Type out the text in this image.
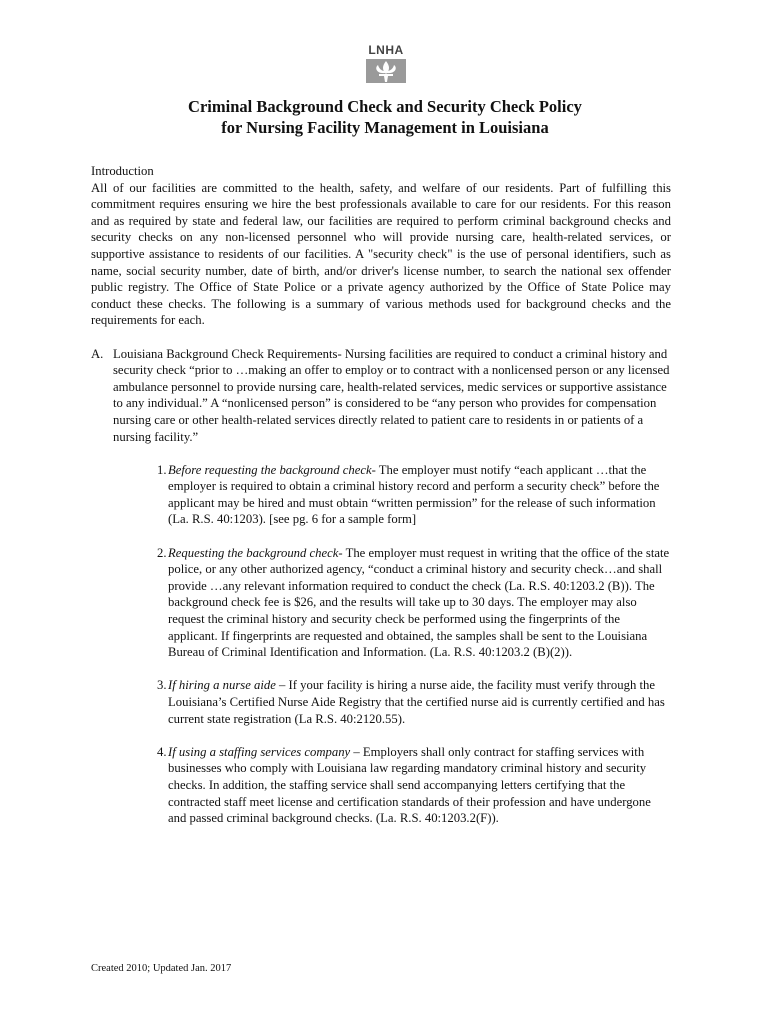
LNHA
Criminal Background Check and Security Check Policy
for Nursing Facility Management in Louisiana

Introduction

All of our facilities are committed to the health, safety, and welfare of our residents. Part of fulfilling this commitment requires ensuring we hire the best professionals available to care for our residents. For this reason and as required by state and federal law, our facilities are required to perform criminal background checks and security checks on any non-licensed personnel who will provide nursing care, health-related services, or supportive assistance to residents of our facilities. A "security check" is the use of personal identifiers, such as name, social security number, date of birth, and/or driver's license number, to search the national sex offender public registry. The Office of State Police or a private agency authorized by the Office of State Police may conduct these checks. The following is a summary of various methods used for background checks and the requirements for each.

A. Louisiana Background Check Requirements- Nursing facilities are required to conduct a criminal history and security check “prior to …making an offer to employ or to contract with a nonlicensed person or any licensed ambulance personnel to provide nursing care, health-related services, medic services or supportive assistance to any individual.” A “nonlicensed person” is considered to be “any person who provides for compensation nursing care or other health-related services directly related to patient care to residents in or patients of a nursing facility.”

1. Before requesting the background check- The employer must notify “each applicant …that the employer is required to obtain a criminal history record and perform a security check” before the applicant may be hired and must obtain “written permission” for the release of such information (La. R.S. 40:1203). [see pg. 6 for a sample form]

2. Requesting the background check- The employer must request in writing that the office of the state police, or any other authorized agency, “conduct a criminal history and security check…and shall provide …any relevant information required to conduct the check (La. R.S. 40:1203.2 (B)). The background check fee is $26, and the results will take up to 30 days. The employer may also request the criminal history and security check be performed using the fingerprints of the applicant. If fingerprints are requested and obtained, the samples shall be sent to the Louisiana Bureau of Criminal Identification and Information. (La. R.S. 40:1203.2 (B)(2)).

3. If hiring a nurse aide – If your facility is hiring a nurse aide, the facility must verify through the Louisiana’s Certified Nurse Aide Registry that the certified nurse aid is currently certified and has current state registration (La R.S. 40:2120.55).

4. If using a staffing services company – Employers shall only contract for staffing services with businesses who comply with Louisiana law regarding mandatory criminal history and security checks. In addition, the staffing service shall send accompanying letters certifying that the contracted staff meet license and certification standards of their profession and have undergone and passed criminal background checks. (La. R.S. 40:1203.2(F)).

Created 2010; Updated Jan. 2017
